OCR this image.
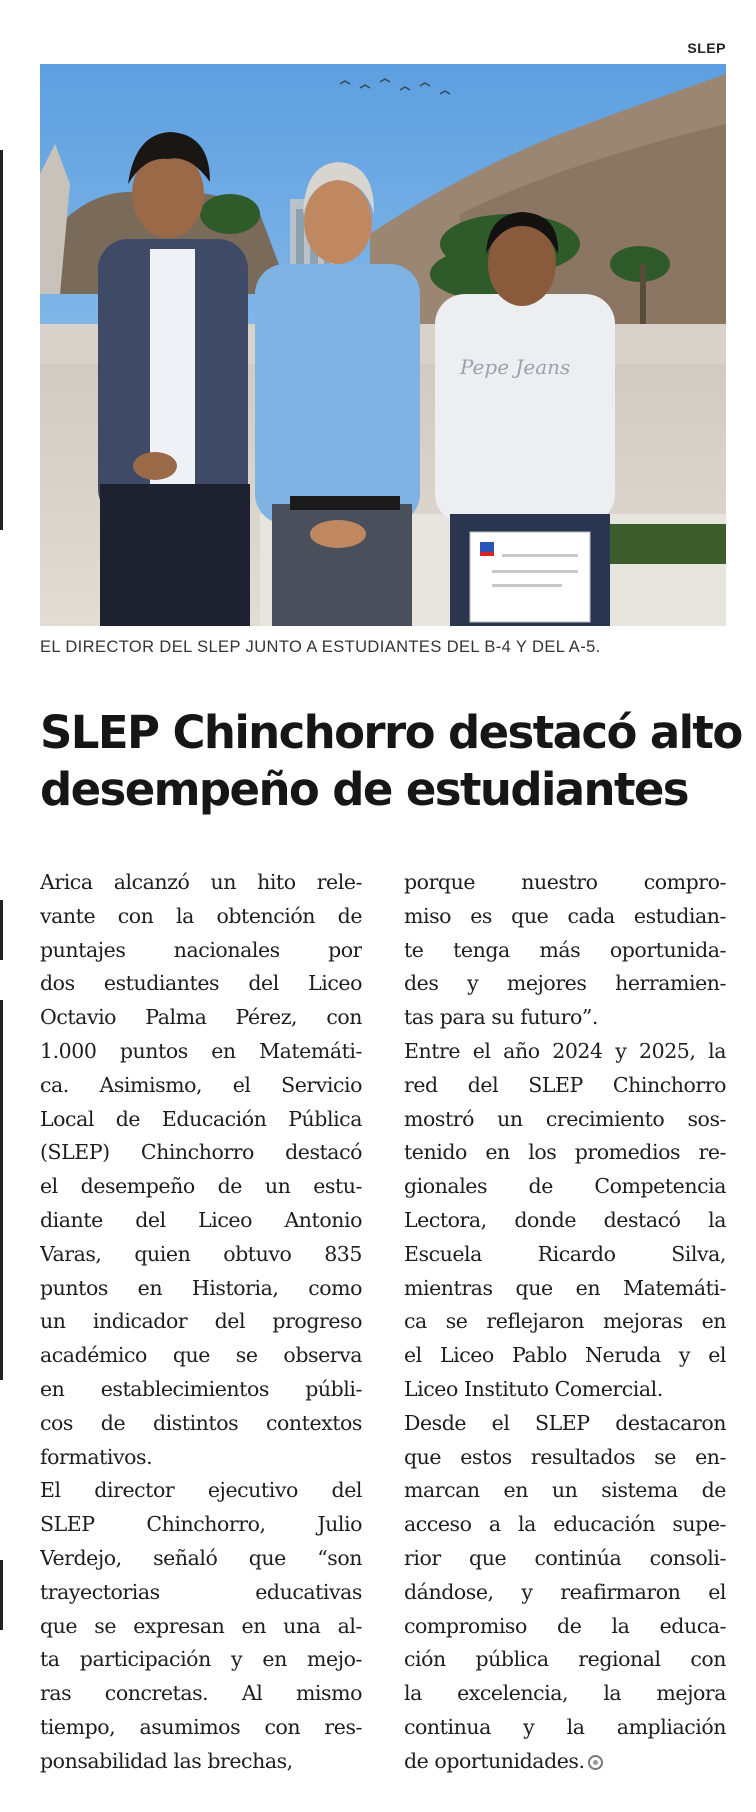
SLEP
Pepe Jeans
EL DIRECTOR DEL SLEP JUNTO A ESTUDIANTES DEL B-4 Y DEL A-5.
SLEP Chinchorro destacó alto
desempeño de estudiantes

Arica alcanzó un hito rele-
vante con la obtención de
puntajes nacionales por
dos estudiantes del Liceo
Octavio Palma Pérez, con
1.000 puntos en Matemáti-
ca. Asimismo, el Servicio
Local de Educación Pública
(SLEP) Chinchorro destacó
el desempeño de un estu-
diante del Liceo Antonio
Varas, quien obtuvo 835
puntos en Historia, como
un indicador del progreso
académico que se observa
en establecimientos públi-
cos de distintos contextos
formativos.

El director ejecutivo del
SLEP Chinchorro, Julio
Verdejo, señaló que “son
trayectorias educativas
que se expresan en una al-
ta participación y en mejo-
ras concretas. Al mismo
tiempo, asumimos con res-
ponsabilidad las brechas,

porque nuestro compro-
miso es que cada estudian-
te tenga más oportunida-
des y mejores herramien-
tas para su futuro”.

Entre el año 2024 y 2025, la
red del SLEP Chinchorro
mostró un crecimiento sos-
tenido en los promedios re-
gionales de Competencia
Lectora, donde destacó la
Escuela Ricardo Silva,
mientras que en Matemáti-
ca se reflejaron mejoras en
el Liceo Pablo Neruda y el
Liceo Instituto Comercial.

Desde el SLEP destacaron
que estos resultados se en-
marcan en un sistema de
acceso a la educación supe-
rior que continúa consoli-
dándose, y reafirmaron el
compromiso de la educa-
ción pública regional con
la excelencia, la mejora
continua y la ampliación
de oportunidades.
